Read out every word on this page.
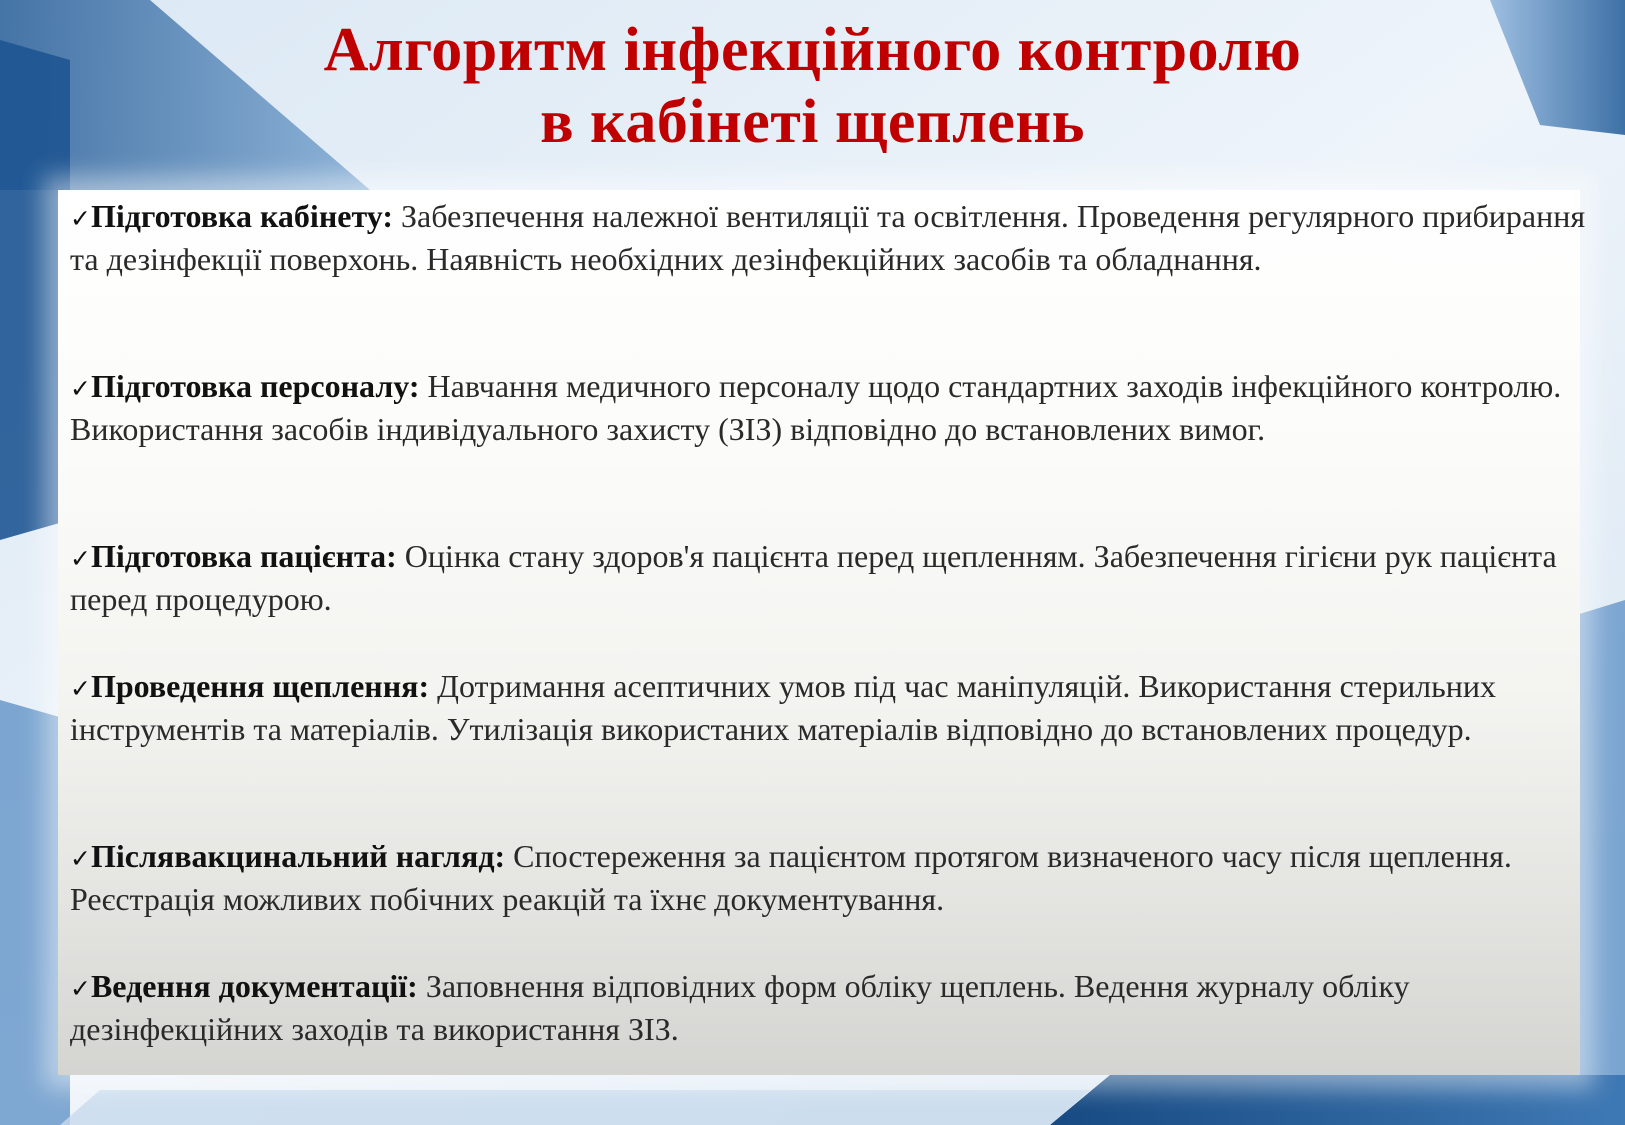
Алгоритм інфекційного контролю
в кабінеті щеплень
✓Підготовка кабінету: Забезпечення належної вентиляції та освітлення. Проведення регулярного прибирання та дезінфекції поверхонь. Наявність необхідних дезінфекційних засобів та обладнання.
✓Підготовка персоналу: Навчання медичного персоналу щодо стандартних заходів інфекційного контролю. Використання засобів індивідуального захисту (ЗІЗ) відповідно до встановлених вимог.
✓Підготовка пацієнта: Оцінка стану здоров'я пацієнта перед щепленням. Забезпечення гігієни рук пацієнта перед процедурою.
✓Проведення щеплення: Дотримання асептичних умов під час маніпуляцій. Використання стерильних інструментів та матеріалів. Утилізація використаних матеріалів відповідно до встановлених процедур.
✓Післявакцинальний нагляд: Спостереження за пацієнтом протягом визначеного часу після щеплення. Реєстрація можливих побічних реакцій та їхнє документування.
✓Ведення документації: Заповнення відповідних форм обліку щеплень. Ведення журналу обліку дезінфекційних заходів та використання ЗІЗ.
